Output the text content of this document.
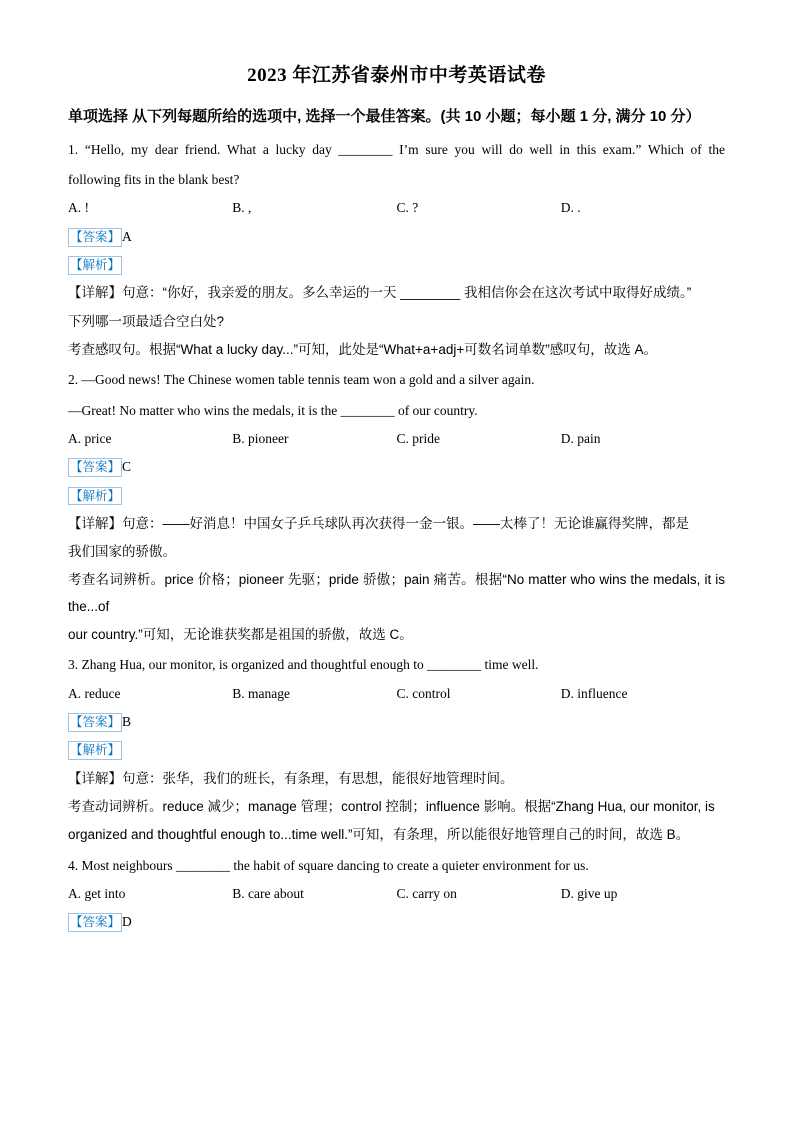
2023 年江苏省泰州市中考英语试卷
单项选择 从下列每题所给的选项中, 选择一个最佳答案。(共 10 小题；每小题 1 分, 满分 10 分）
1. “Hello, my dear friend. What a lucky day ________ I’m sure you will do well in this exam.” Which of the
following fits in the blank best?
A. !	B. ,	C. ?	D. .
【答案】 A
【解析】
【详解】句意：“你好，我亲爱的朋友。多么幸运的一天 ________ 我相信你会在这次考试中取得好成绩。”
下列哪一项最适合空白处?
考查感叹句。根据“What a lucky day...”可知，此处是“What+a+adj+可数名词单数”感叹句，故选 A。
2. —Good news! The Chinese women table tennis team won a gold and a silver again.
—Great! No matter who wins the medals, it is the ________ of our country.
A. price	B. pioneer	C. pride	D. pain
【答案】 C
【解析】
【详解】句意：——好消息！中国女子乒乓球队再次获得一金一银。——太棒了！无论谁赢得奖牌，都是
我们国家的骄傲。
考查名词辨析。price 价格；pioneer 先驱；pride 骄傲；pain 痛苦。根据“No matter who wins the medals, it is the...of
our country.”可知，无论谁获奖都是祖国的骄傲，故选 C。
3. Zhang Hua, our monitor, is organized and thoughtful enough to ________ time well.
A. reduce	B. manage	C. control	D. influence
【答案】 B
【解析】
【详解】句意：张华，我们的班长，有条理，有思想，能很好地管理时间。
考查动词辨析。reduce 减少；manage 管理；control 控制；influence 影响。根据“Zhang Hua, our monitor, is
organized and thoughtful enough to...time well.”可知，有条理，所以能很好地管理自己的时间，故选 B。
4. Most neighbours ________ the habit of square dancing to create a quieter environment for us.
A. get into	B. care about	C. carry on	D. give up
【答案】 D
